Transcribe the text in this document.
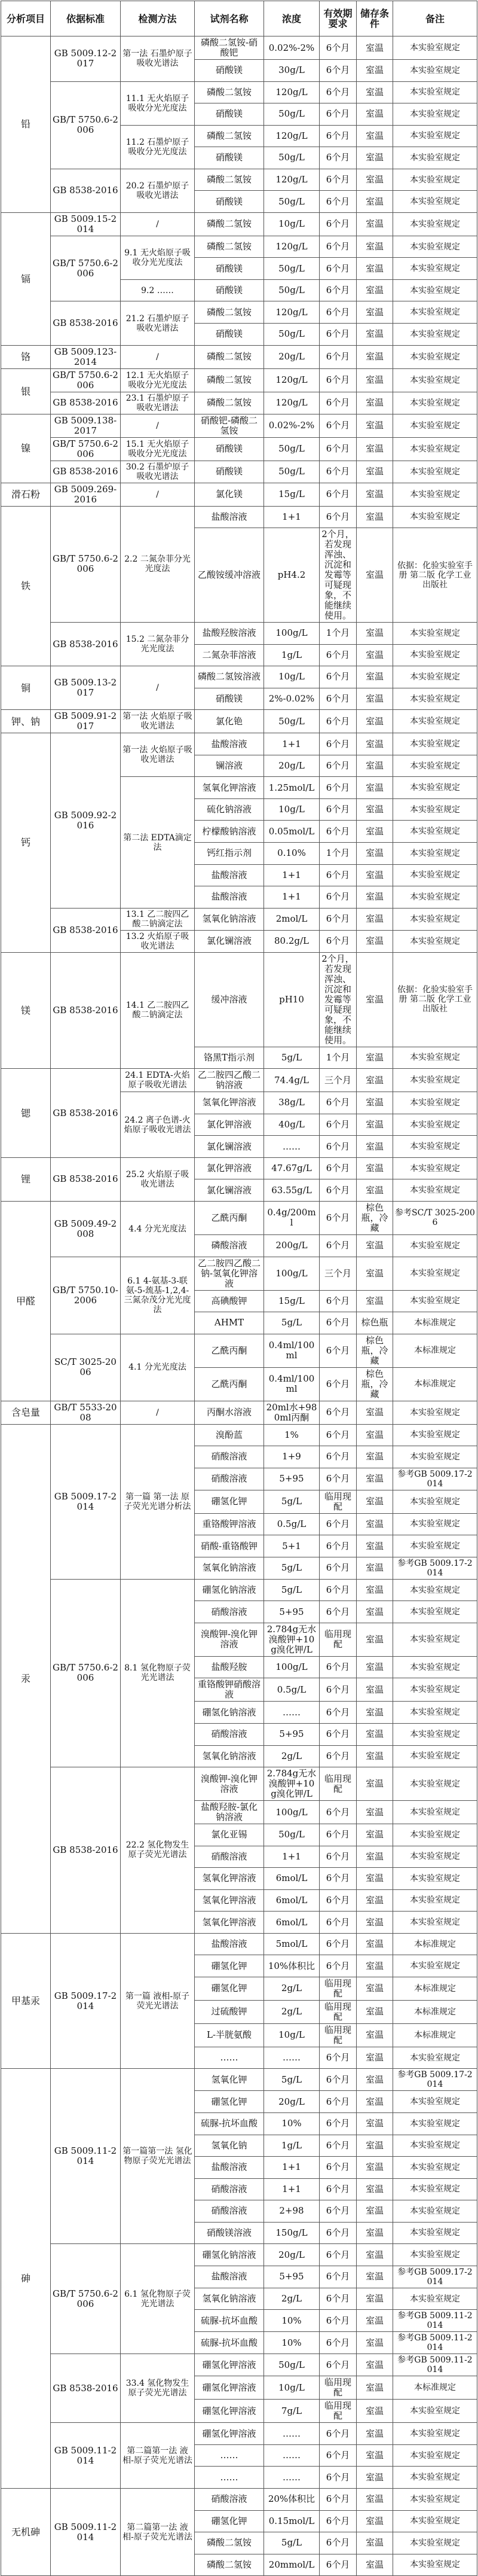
分析项目	依据标准	检测方法	试剂名称	浓度	有效期要求	储存条件	备注
铅	GB 5009.12-2017	第一法 石墨炉原子吸收光谱法	磷酸二氢铵-硝酸钯	0.02%-2%	6个月	室温	本实验室规定
			硝酸镁	30g/L	6个月	室温	本实验室规定
	GB/T 5750.6-2006	11.1 无火焰原子吸收分光光度法	磷酸二氢铵	120g/L	6个月	室温	本实验室规定
			硝酸镁	50g/L	6个月	室温	本实验室规定
		11.2 石墨炉原子吸收分光光度法	磷酸二氢铵	120g/L	6个月	室温	本实验室规定
			硝酸镁	50g/L	6个月	室温	本实验室规定
	GB 8538-2016	20.2 石墨炉原子吸收光谱法	磷酸二氢铵	120g/L	6个月	室温	本实验室规定
			硝酸镁	50g/L	6个月	室温	本实验室规定
镉	GB 5009.15-2014	/	磷酸二氢铵	10g/L	6个月	室温	本实验室规定
	GB/T 5750.6-2006	9.1 无火焰原子吸收分光光度法	磷酸二氢铵	120g/L	6个月	室温	本实验室规定
			硝酸镁	50g/L	6个月	室温	本实验室规定
		9.2 ……	硝酸镁	50g/L	6个月	室温	本实验室规定
	GB 8538-2016	21.2 石墨炉原子吸收光谱法	磷酸二氢铵	120g/L	6个月	室温	本实验室规定
			硝酸镁	50g/L	6个月	室温	本实验室规定
铬	GB 5009.123-2014	/	磷酸二氢铵	20g/L	6个月	室温	本实验室规定
银	GB/T 5750.6-2006	12.1 无火焰原子吸收分光光度法	磷酸二氢铵	120g/L	6个月	室温	本实验室规定
	GB 8538-2016	23.1 石墨炉原子吸收光谱法	磷酸二氢铵	120g/L	6个月	室温	本实验室规定
镍	GB 5009.138-2017	/	硝酸钯-磷酸二氢铵	0.02%-2%	6个月	室温	本实验室规定
	GB/T 5750.6-2006	15.1 无火焰原子吸收分光光度法	硝酸镁	50g/L	6个月	室温	本实验室规定
	GB 8538-2016	30.2 石墨炉原子吸收光谱法	硝酸镁	50g/L	6个月	室温	本实验室规定
滑石粉	GB 5009.269-2016	/	氯化镁	15g/L	6个月	室温	本实验室规定
铁	GB/T 5750.6-2006	2.2 二氮杂菲分光光度法	盐酸溶液	1+1	6个月	室温	本实验室规定
			乙酸铵缓冲溶液	pH4.2	2个月，若发现浑浊、沉淀和发霉等可疑现象，不能继续使用。	室温	依据：化验实验室手册 第二版 化学工业出版社
	GB 8538-2016	15.2 二氮杂菲分光光度法	盐酸羟胺溶液	100g/L	1个月	室温	本实验室规定
			二氮杂菲溶液	1g/L	6个月	室温	本实验室规定
铜	GB 5009.13-2017	/	磷酸二氢铵溶液	10g/L	6个月	室温	本实验室规定
			硝酸镁	2%-0.02%	6个月	室温	本实验室规定
钾、钠	GB 5009.91-2017	第一法 火焰原子吸收光谱法	氯化铯	50g/L	6个月	室温	本实验室规定
钙	GB 5009.92-2016	第一法 火焰原子吸收光谱法	盐酸溶液	1+1	6个月	室温	本实验室规定
			镧溶液	20g/L	6个月	室温	本实验室规定
		第二法 EDTA滴定法	氢氧化钾溶液	1.25mol/L	6个月	室温	本实验室规定
			硫化钠溶液	10g/L	6个月	室温	本实验室规定
			柠檬酸钠溶液	0.05mol/L	6个月	室温	本实验室规定
			钙红指示剂	0.10%	1个月	室温	本实验室规定
			盐酸溶液	1+1	6个月	室温	本实验室规定
			盐酸溶液	1+1	6个月	室温	本实验室规定
	GB 8538-2016	13.1 乙二胺四乙酸二钠滴定法	氢氧化钠溶液	2mol/L	6个月	室温	本实验室规定
		13.2 火焰原子吸收光谱法	氯化镧溶液	80.2g/L	6个月	室温	本实验室规定
镁	GB 8538-2016	14.1 乙二胺四乙酸二钠滴定法	缓冲溶液	pH10	2个月，若发现浑浊、沉淀和发霉等可疑现象，不能继续使用。	室温	依据：化验实验室手册 第二版 化学工业出版社
			铬黑T指示剂	5g/L	1个月	室温	本实验室规定
锶	GB 8538-2016	24.1 EDTA-火焰原子吸收光谱法	乙二胺四乙酸二钠溶液	74.4g/L	三个月	室温	本实验室规定
		24.2 离子色谱-火焰原子吸收光谱法	氢氧化钾溶液	38g/L	6个月	室温	本实验室规定
			氯化钾溶液	40g/L	6个月	室温	本实验室规定
			氯化镧溶液	……	6个月	室温	本实验室规定
锂	GB 8538-2016	25.2 火焰原子吸收光谱法	氯化钾溶液	47.67g/L	6个月	室温	本实验室规定
			氯化镧溶液	63.55g/L	6个月	室温	本实验室规定
甲醛	GB 5009.49-2008	4.4 分光光度法	乙酰丙酮	0.4g/200ml	6个月	棕色瓶，冷藏	参考SC/T 3025-2006
			磷酸溶液	200g/L	6个月	室温	本实验室规定
	GB/T 5750.10-2006	6.1 4-氨基-3-联氨-5-巯基-1,2,4-三氮杂茂分光光度法	乙二胺四乙酸二钠-氢氧化钾溶液	100g/L	三个月	室温	本实验室规定
			高碘酸钾	15g/L	6个月	室温	本实验室规定
			AHMT	5g/L	6个月	棕色瓶	本标准规定
	SC/T 3025-2006	4.1 分光光度法	乙酰丙酮	0.4ml/100ml	6个月	棕色瓶，冷藏	本标准规定
			乙酰丙酮	0.4ml/100ml	6个月	棕色瓶，冷藏	本标准规定
含皂量	GB/T 5533-2008	/	丙酮水溶液	20ml水+980ml丙酮	6个月	室温	本实验室规定
汞	GB 5009.17-2014	第一篇 第一法 原子荧光光谱分析法	溴酚蓝	1%	6个月	室温	本实验室规定
			硝酸溶液	1+9	6个月	室温	本实验室规定
			硝酸溶液	5+95	6个月	室温	参考GB 5009.17-2014
			硼氢化钾	5g/L	临用现配	室温	本实验室规定
			重铬酸钾溶液	0.5g/L	6个月	室温	本实验室规定
			硝酸-重铬酸钾	5+1	6个月	室温	本实验室规定
			氢氧化钠溶液	5g/L	6个月	室温	参考GB 5009.17-2014
	GB/T 5750.6-2006	8.1 氢化物原子荧光光谱法	硼氢化钠溶液	5g/L	6个月	室温	本实验室规定
			硝酸溶液	5+95	6个月	室温	本实验室规定
			溴酸钾-溴化钾溶液	2.784g无水溴酸钾+10g溴化钾/L	临用现配	室温	本实验室规定
			盐酸羟胺	100g/L	6个月	室温	本实验室规定
			重铬酸钾硝酸溶液	0.5g/L	6个月	室温	本实验室规定
			硼氢化钠溶液	……	6个月	室温	本实验室规定
			硝酸溶液	5+95	6个月	室温	本实验室规定
			氢氧化钠溶液	2g/L	6个月	室温	本实验室规定
	GB 8538-2016	22.2 氢化物发生原子荧光光谱法	溴酸钾-溴化钾溶液	2.784g无水溴酸钾+10g溴化钾/L	临用现配	室温	本实验室规定
			盐酸羟胺-氯化钠溶液	100g/L	6个月	室温	本实验室规定
			氯化亚锡	50g/L	6个月	室温	本实验室规定
			硝酸溶液	1+1	6个月	室温	本实验室规定
			氢氧化钾溶液	6mol/L	6个月	室温	本实验室规定
			氢氧化钾溶液	6mol/L	6个月	室温	本实验室规定
			氢氧化钾溶液	6mol/L	6个月	室温	本实验室规定
甲基汞	GB 5009.17-2014	第一篇 液相-原子荧光光谱法	盐酸溶液	5mol/L	6个月	室温	本标准规定
			硼氢化钾	10%体积比	6个月	室温	本实验室规定
			硼氢化钾	2g/L	临用现配	室温	本标准规定
			过硫酸钾	2g/L	临用现配	室温	本标准规定
			L-半胱氨酸	10g/L	临用现配	室温	本标准规定
			……	……	6个月	室温	本实验室规定
砷	GB 5009.11-2014	第一篇第一法 氢化物原子荧光光谱法	氢氧化钾	5g/L	6个月	室温	参考GB 5009.17-2014
			硼氢化钾	20g/L	6个月	室温	本实验室规定
			硫脲-抗坏血酸	10%	6个月	室温	本实验室规定
			氢氧化钠	1g/L	6个月	室温	本实验室规定
			盐酸溶液	1+1	6个月	室温	本实验室规定
			硝酸溶液	1+1	6个月	室温	本实验室规定
			硝酸溶液	2+98	6个月	室温	本实验室规定
			硝酸镁溶液	150g/L	6个月	室温	本实验室规定
	GB/T 5750.6-2006	6.1 氢化物原子荧光光谱法	硼氢化钠溶液	20g/L	6个月	室温	本实验室规定
			盐酸溶液	5+95	6个月	室温	参考GB 5009.17-2014
			氢氧化钠溶液	2g/L	6个月	室温	本实验室规定
			硫脲-抗坏血酸	10%	6个月	室温	参考GB 5009.11-2014
			硫脲-抗坏血酸	10%	6个月	室温	参考GB 5009.11-2014
	GB 8538-2016	33.4 氢化物发生原子荧光光谱法	硼氢化钾溶液	50g/L	6个月	室温	参考GB 5009.11-2014
			硼氢化钾溶液	10g/L	临用现配	室温	本标准规定
			硼氢化钾溶液	7g/L	临用现配	室温	本实验室规定
	GB 5009.11-2014	第二篇第一法 液相-原子荧光光谱法	硼氢化钾溶液	……	6个月	室温	本实验室规定
			……	……	6个月	室温	本实验室规定
			……	……	6个月	室温	本实验室规定
无机砷	GB 5009.11-2014	第二篇第一法 液相-原子荧光光谱法	硝酸溶液	20%体积比	6个月	室温	本实验室规定
			硼氢化钾	0.15mol/L	6个月	室温	本实验室规定
			磷酸二氢铵	5g/L	6个月	室温	本实验室规定
			磷酸二氢铵	20mmol/L	6个月	室温	本实验室规定
